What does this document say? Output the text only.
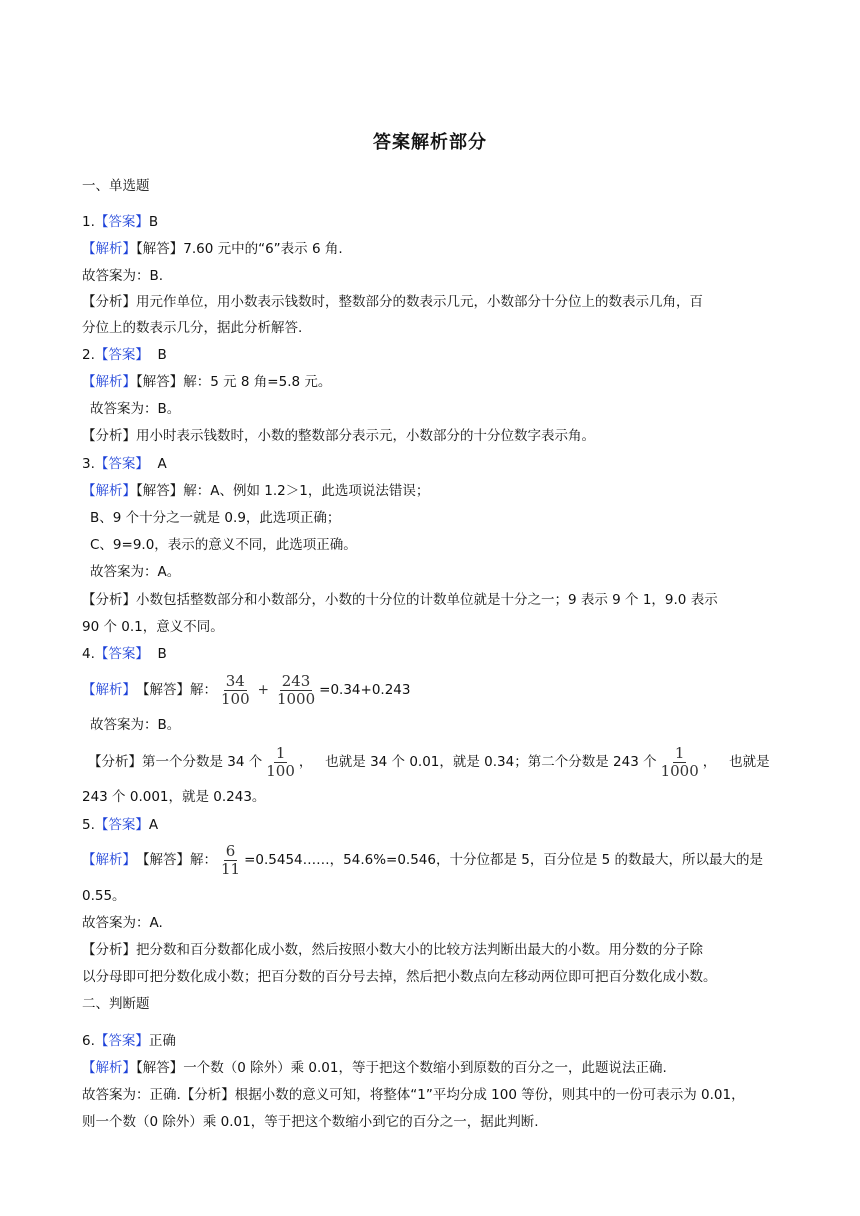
答案解析部分
一、单选题
1.【答案】B
【解析】【解答】7.60 元中的“6”表示 6 角.
故答案为：B.
【分析】用元作单位，用小数表示钱数时，整数部分的数表示几元，小数部分十分位上的数表示几角，百
分位上的数表示几分，据此分析解答.
2.【答案】  B
【解析】【解答】解：5 元 8 角=5.8 元。
故答案为：B。
【分析】用小时表示钱数时，小数的整数部分表示元，小数部分的十分位数字表示角。
3.【答案】  A
【解析】【解答】解：A、例如 1.2＞1，此选项说法错误；
B、9 个十分之一就是 0.9，此选项正确；
C、9=9.0，表示的意义不同，此选项正确。
故答案为：A。
【分析】小数包括整数部分和小数部分，小数的十分位的计数单位就是十分之一；9 表示 9 个 1，9.0 表示
90 个 0.1，意义不同。
4.【答案】  B
【解析】 【解答】解： $\frac{34}{100} + \frac{243}{1000} =0.34+0.243$
故答案为：B。
【分析】 第一个分数是 34 个 $\frac{1}{100}$ ，   也就是 34 个 0.01，就是 0.34；第二个分数是 243 个 $\frac{1}{1000}$ ，   也就是
243 个 0.001，就是 0.243。
5.【答案】A
【解析】 【解答】解： $\frac{6}{11}$ =0.5454……，54.6%=0.546，十分位都是 5，百分位是 5 的数最大，所以最大的是
0.55。
故答案为：A.
【分析】把分数和百分数都化成小数，然后按照小数大小的比较方法判断出最大的小数。用分数的分子除
以分母即可把分数化成小数；把百分数的百分号去掉，然后把小数点向左移动两位即可把百分数化成小数。
二、判断题
6.【答案】正确
【解析】【解答】一个数（0 除外）乘 0.01，等于把这个数缩小到原数的百分之一，此题说法正确.
故答案为：正确.【分析】根据小数的意义可知，将整体“1”平均分成 100 等份，则其中的一份可表示为 0.01，
则一个数（0 除外）乘 0.01，等于把这个数缩小到它的百分之一，据此判断.
